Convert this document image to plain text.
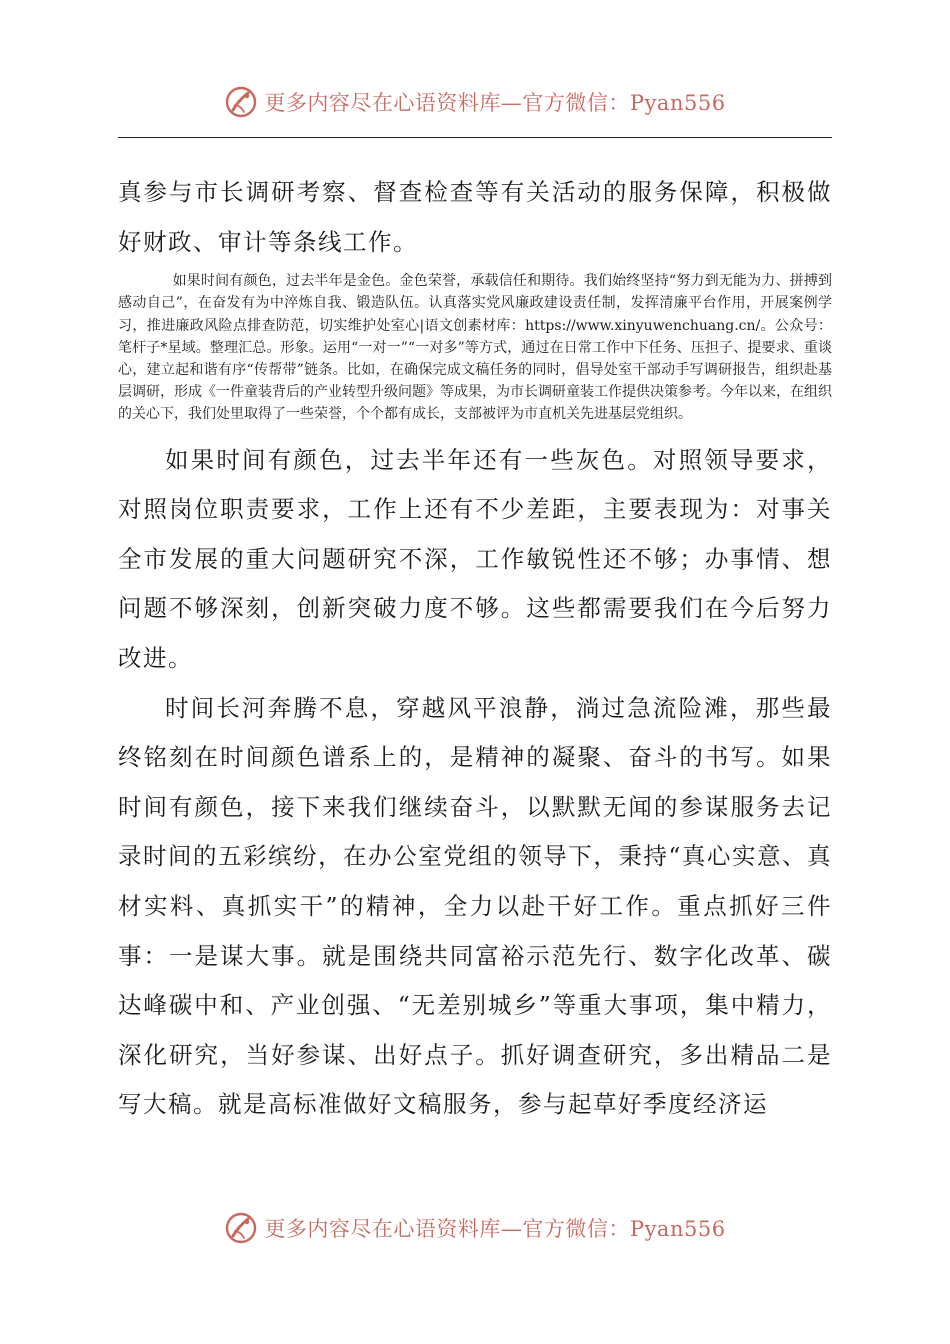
更多内容尽在心语资料库—官方微信：Pyan556

真参与市长调研考察、督查检查等有关活动的服务保障，积极做好财政、审计等条线工作。

如果时间有颜色，过去半年是金色。金色荣誉，承载信任和期待。我们始终坚持“努力到无能为力、拼搏到感动自己”，在奋发有为中淬炼自我、锻造队伍。认真落实党风廉政建设责任制，发挥清廉平台作用，开展案例学习，推进廉政风险点排查防范，切实维护处室心|语文创素材库：https://www.xinyuwenchuang.cn/。公众号：笔杆子*星域。整理汇总。形象。运用“一对一”“一对多”等方式，通过在日常工作中下任务、压担子、提要求、重谈心，建立起和谐有序“传帮带”链条。比如，在确保完成文稿任务的同时，倡导处室干部动手写调研报告，组织赴基层调研，形成《一件童装背后的产业转型升级问题》等成果，为市长调研童装工作提供决策参考。今年以来，在组织的关心下，我们处里取得了一些荣誉，个个都有成长，支部被评为市直机关先进基层党组织。

如果时间有颜色，过去半年还有一些灰色。对照领导要求，对照岗位职责要求，工作上还有不少差距，主要表现为：对事关全市发展的重大问题研究不深，工作敏锐性还不够；办事情、想问题不够深刻，创新突破力度不够。这些都需要我们在今后努力改进。

时间长河奔腾不息，穿越风平浪静，淌过急流险滩，那些最终铭刻在时间颜色谱系上的，是精神的凝聚、奋斗的书写。如果时间有颜色，接下来我们继续奋斗，以默默无闻的参谋服务去记录时间的五彩缤纷，在办公室党组的领导下，秉持“真心实意、真材实料、真抓实干”的精神，全力以赴干好工作。重点抓好三件事：一是谋大事。就是围绕共同富裕示范先行、数字化改革、碳达峰碳中和、产业创强、“无差别城乡”等重大事项，集中精力，深化研究，当好参谋、出好点子。抓好调查研究，多出精品二是写大稿。就是高标准做好文稿服务，参与起草好季度经济运

更多内容尽在心语资料库—官方微信：Pyan556
